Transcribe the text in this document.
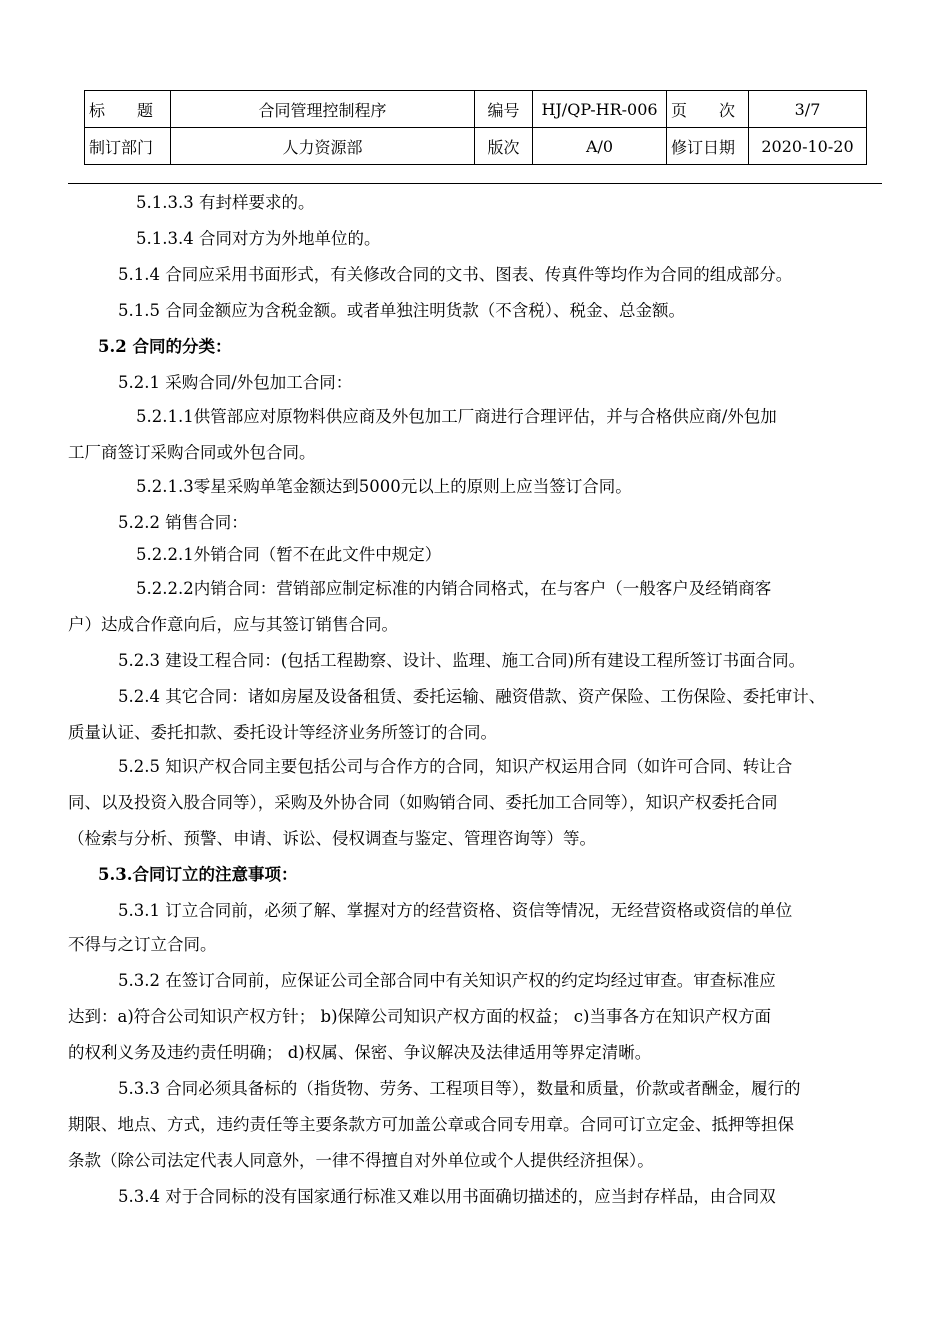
标　　题	合同管理控制程序	编号	HJ/QP-HR-006	页　　次	3/7
制订部门	人力资源部	版次	A/0	修订日期	2020-10-20
5.1.3.3 有封样要求的。
5.1.3.4 合同对方为外地单位的。
5.1.4 合同应采用书面形式，有关修改合同的文书、图表、传真件等均作为合同的组成部分。
5.1.5 合同金额应为含税金额。或者单独注明货款（不含税）、税金、总金额。
5.2 合同的分类：
5.2.1 采购合同/外包加工合同：
5.2.1.1供管部应对原物料供应商及外包加工厂商进行合理评估，并与合格供应商/外包加
工厂商签订采购合同或外包合同。
5.2.1.3零星采购单笔金额达到5000元以上的原则上应当签订合同。
5.2.2 销售合同：
5.2.2.1外销合同（暂不在此文件中规定）
5.2.2.2内销合同：营销部应制定标准的内销合同格式，在与客户（一般客户及经销商客
户）达成合作意向后，应与其签订销售合同。
5.2.3 建设工程合同：(包括工程勘察、设计、监理、施工合同)所有建设工程所签订书面合同。
5.2.4 其它合同：诸如房屋及设备租赁、委托运输、融资借款、资产保险、工伤保险、委托审计、
质量认证、委托扣款、委托设计等经济业务所签订的合同。
5.2.5 知识产权合同主要包括公司与合作方的合同，知识产权运用合同（如许可合同、转让合
同、以及投资入股合同等），采购及外协合同（如购销合同、委托加工合同等），知识产权委托合同
（检索与分析、预警、申请、诉讼、侵权调查与鉴定、管理咨询等）等。
5.3.合同订立的注意事项：
5.3.1 订立合同前，必须了解、掌握对方的经营资格、资信等情况，无经营资格或资信的单位
不得与之订立合同。
5.3.2 在签订合同前，应保证公司全部合同中有关知识产权的约定均经过审查。审查标准应
达到：a)符合公司知识产权方针； b)保障公司知识产权方面的权益； c)当事各方在知识产权方面
的权利义务及违约责任明确； d)权属、保密、争议解决及法律适用等界定清晰。
5.3.3 合同必须具备标的（指货物、劳务、工程项目等），数量和质量，价款或者酬金，履行的
期限、地点、方式，违约责任等主要条款方可加盖公章或合同专用章。合同可订立定金、抵押等担保
条款（除公司法定代表人同意外，一律不得擅自对外单位或个人提供经济担保）。
5.3.4 对于合同标的没有国家通行标准又难以用书面确切描述的，应当封存样品，由合同双
